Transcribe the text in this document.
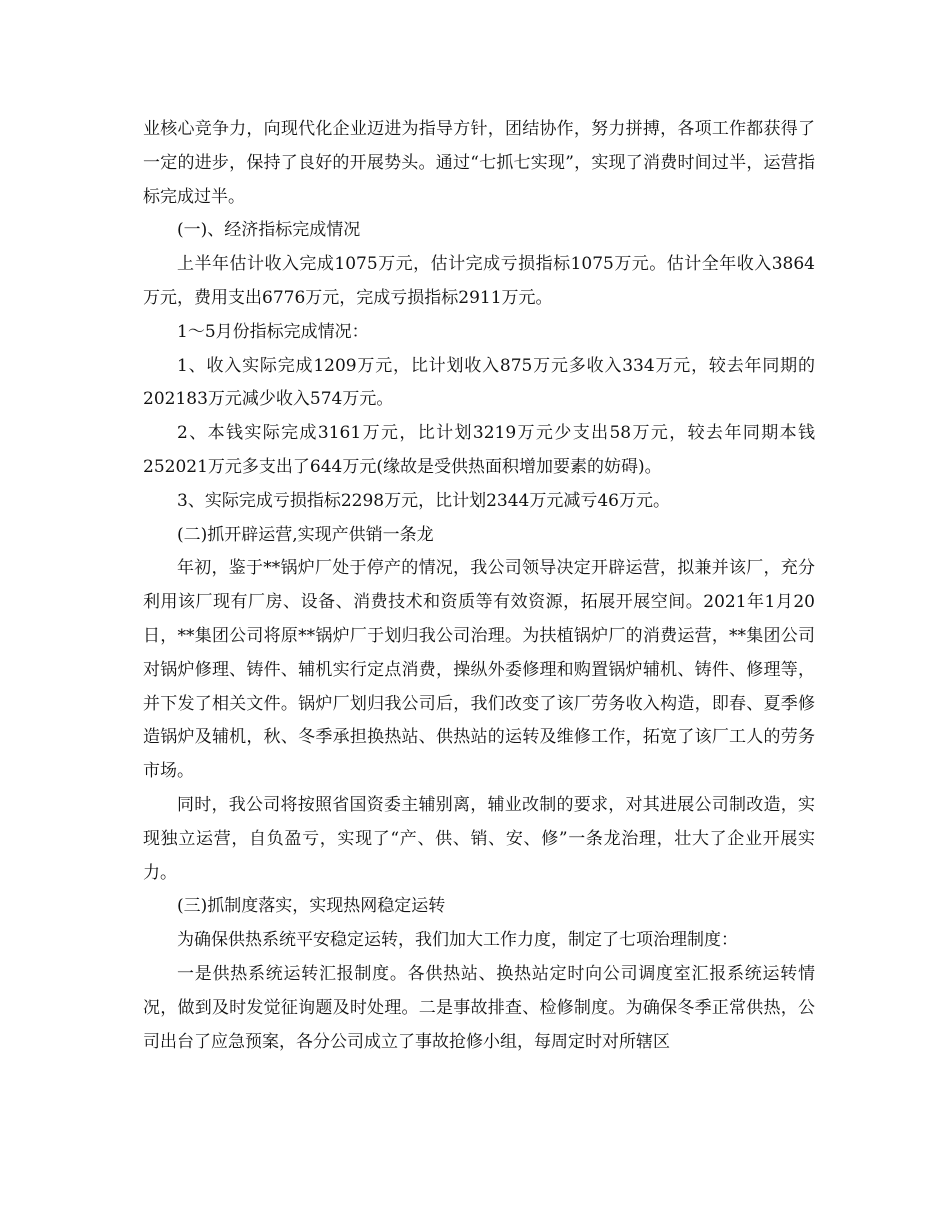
业核心竞争力，向现代化企业迈进为指导方针，团结协作，努力拼搏，各项工作都获得了一定的进步，保持了良好的开展势头。通过“七抓七实现”，实现了消费时间过半，运营指标完成过半。

(一)、经济指标完成情况

上半年估计收入完成1075万元，估计完成亏损指标1075万元。估计全年收入3864万元，费用支出6776万元，完成亏损指标2911万元。

1～5月份指标完成情况：

1、收入实际完成1209万元，比计划收入875万元多收入334万元，较去年同期的202183万元减少收入574万元。

2、本钱实际完成3161万元，比计划3219万元少支出58万元，较去年同期本钱252021万元多支出了644万元(缘故是受供热面积增加要素的妨碍)。

3、实际完成亏损指标2298万元，比计划2344万元减亏46万元。

(二)抓开辟运营,实现产供销一条龙

年初，鉴于**锅炉厂处于停产的情况，我公司领导决定开辟运营，拟兼并该厂，充分利用该厂现有厂房、设备、消费技术和资质等有效资源，拓展开展空间。2021年1月20日，**集团公司将原**锅炉厂于划归我公司治理。为扶植锅炉厂的消费运营，**集团公司对锅炉修理、铸件、辅机实行定点消费，操纵外委修理和购置锅炉辅机、铸件、修理等，并下发了相关文件。锅炉厂划归我公司后，我们改变了该厂劳务收入构造，即春、夏季修造锅炉及辅机，秋、冬季承担换热站、供热站的运转及维修工作，拓宽了该厂工人的劳务市场。

同时，我公司将按照省国资委主辅别离，辅业改制的要求，对其进展公司制改造，实现独立运营，自负盈亏，实现了“产、供、销、安、修”一条龙治理，壮大了企业开展实力。

(三)抓制度落实，实现热网稳定运转

为确保供热系统平安稳定运转，我们加大工作力度，制定了七项治理制度：

一是供热系统运转汇报制度。各供热站、换热站定时向公司调度室汇报系统运转情况，做到及时发觉征询题及时处理。二是事故排查、检修制度。为确保冬季正常供热，公司出台了应急预案，各分公司成立了事故抢修小组，每周定时对所辖区
